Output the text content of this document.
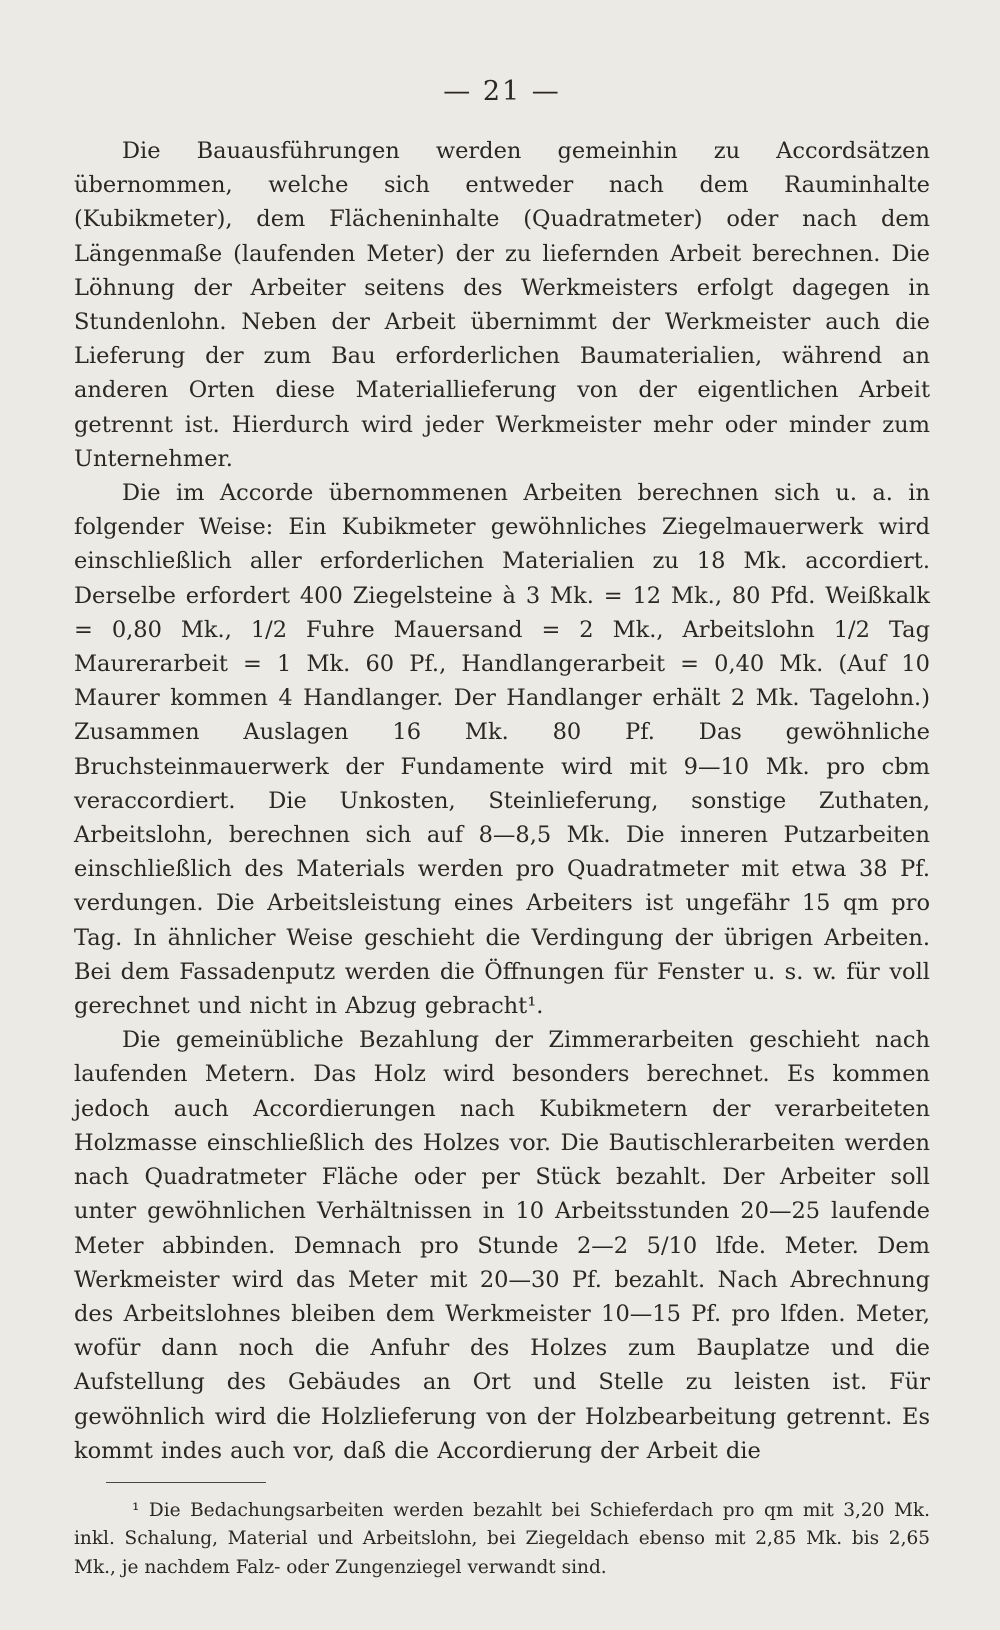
— 21 —

Die Bauausführungen werden gemeinhin zu Accordsätzen übernommen, welche sich entweder nach dem Rauminhalte (Kubikmeter), dem Flächeninhalte (Quadratmeter) oder nach dem Längenmaße (laufenden Meter) der zu liefernden Arbeit berechnen. Die Löhnung der Arbeiter seitens des Werkmeisters erfolgt dagegen in Stundenlohn. Neben der Arbeit übernimmt der Werkmeister auch die Lieferung der zum Bau erforderlichen Baumaterialien, während an anderen Orten diese Materiallieferung von der eigentlichen Arbeit getrennt ist. Hierdurch wird jeder Werkmeister mehr oder minder zum Unternehmer.

Die im Accorde übernommenen Arbeiten berechnen sich u. a. in folgender Weise: Ein Kubikmeter gewöhnliches Ziegelmauerwerk wird einschließlich aller erforderlichen Materialien zu 18 Mk. accordiert. Derselbe erfordert 400 Ziegelsteine à 3 Mk. = 12 Mk., 80 Pfd. Weißkalk = 0,80 Mk., 1/2 Fuhre Mauersand = 2 Mk., Arbeitslohn 1/2 Tag Maurerarbeit = 1 Mk. 60 Pf., Handlangerarbeit = 0,40 Mk. (Auf 10 Maurer kommen 4 Handlanger. Der Handlanger erhält 2 Mk. Tagelohn.) Zusammen Auslagen 16 Mk. 80 Pf. Das gewöhnliche Bruchsteinmauerwerk der Fundamente wird mit 9—10 Mk. pro cbm veraccordiert. Die Unkosten, Steinlieferung, sonstige Zuthaten, Arbeitslohn, berechnen sich auf 8—8,5 Mk. Die inneren Putzarbeiten einschließlich des Materials werden pro Quadratmeter mit etwa 38 Pf. verdungen. Die Arbeitsleistung eines Arbeiters ist ungefähr 15 qm pro Tag. In ähnlicher Weise geschieht die Verdingung der übrigen Arbeiten. Bei dem Fassadenputz werden die Öffnungen für Fenster u. s. w. für voll gerechnet und nicht in Abzug gebracht¹.

Die gemeinübliche Bezahlung der Zimmerarbeiten geschieht nach laufenden Metern. Das Holz wird besonders berechnet. Es kommen jedoch auch Accordierungen nach Kubikmetern der verarbeiteten Holzmasse einschließlich des Holzes vor. Die Bautischlerarbeiten werden nach Quadratmeter Fläche oder per Stück bezahlt. Der Arbeiter soll unter gewöhnlichen Verhältnissen in 10 Arbeitsstunden 20—25 laufende Meter abbinden. Demnach pro Stunde 2—2 5/10 lfde. Meter. Dem Werkmeister wird das Meter mit 20—30 Pf. bezahlt. Nach Abrechnung des Arbeitslohnes bleiben dem Werkmeister 10—15 Pf. pro lfden. Meter, wofür dann noch die Anfuhr des Holzes zum Bauplatze und die Aufstellung des Gebäudes an Ort und Stelle zu leisten ist. Für gewöhnlich wird die Holzlieferung von der Holzbearbeitung getrennt. Es kommt indes auch vor, daß die Accordierung der Arbeit die

¹ Die Bedachungsarbeiten werden bezahlt bei Schieferdach pro qm mit 3,20 Mk. inkl. Schalung, Material und Arbeitslohn, bei Ziegeldach ebenso mit 2,85 Mk. bis 2,65 Mk., je nachdem Falz- oder Zungenziegel verwandt sind.
